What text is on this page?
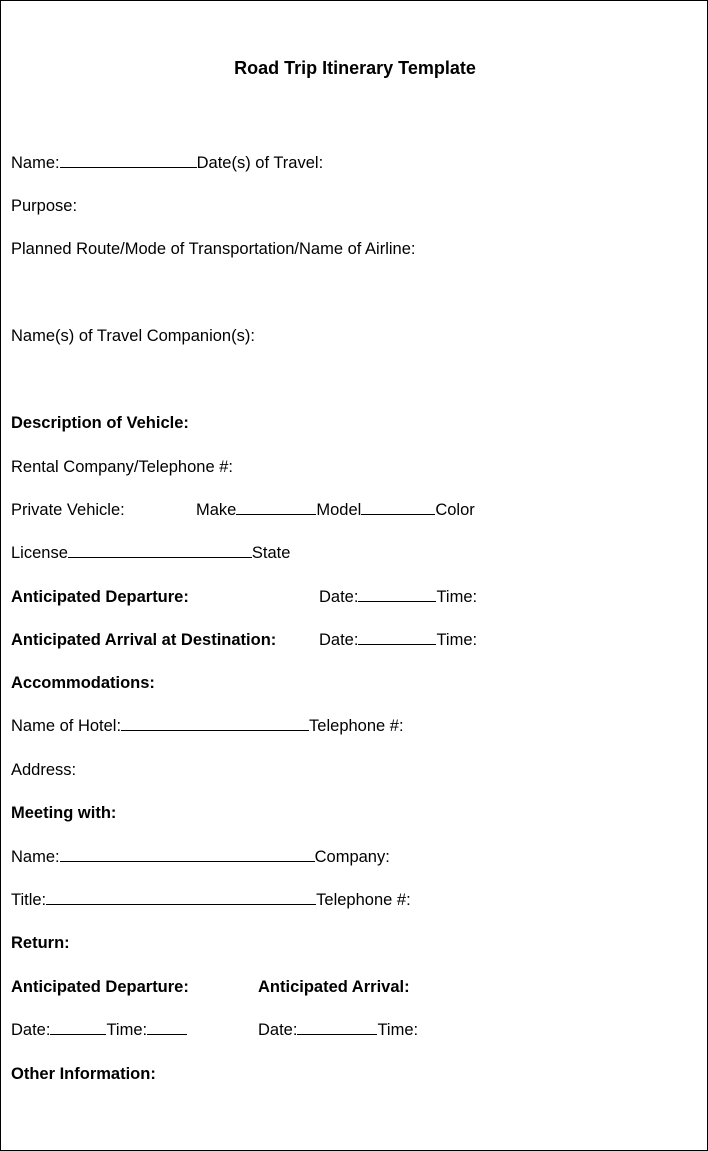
Road Trip Itinerary Template
Name:	Date(s) of Travel:
Purpose:
Planned Route/Mode of Transportation/Name of Airline:
Name(s) of Travel Companion(s):
Description of Vehicle:
Rental Company/Telephone #:
Private Vehicle:	Make	Model	Color
License	State
Anticipated Departure:	Date:	Time:
Anticipated Arrival at Destination:	Date:	Time:
Accommodations:
Name of Hotel:	Telephone #:
Address:
Meeting with:
Name:	Company:
Title:	Telephone #:
Return:
Anticipated Departure:	Anticipated Arrival:
Date:	Time:	Date:	Time:
Other Information:
